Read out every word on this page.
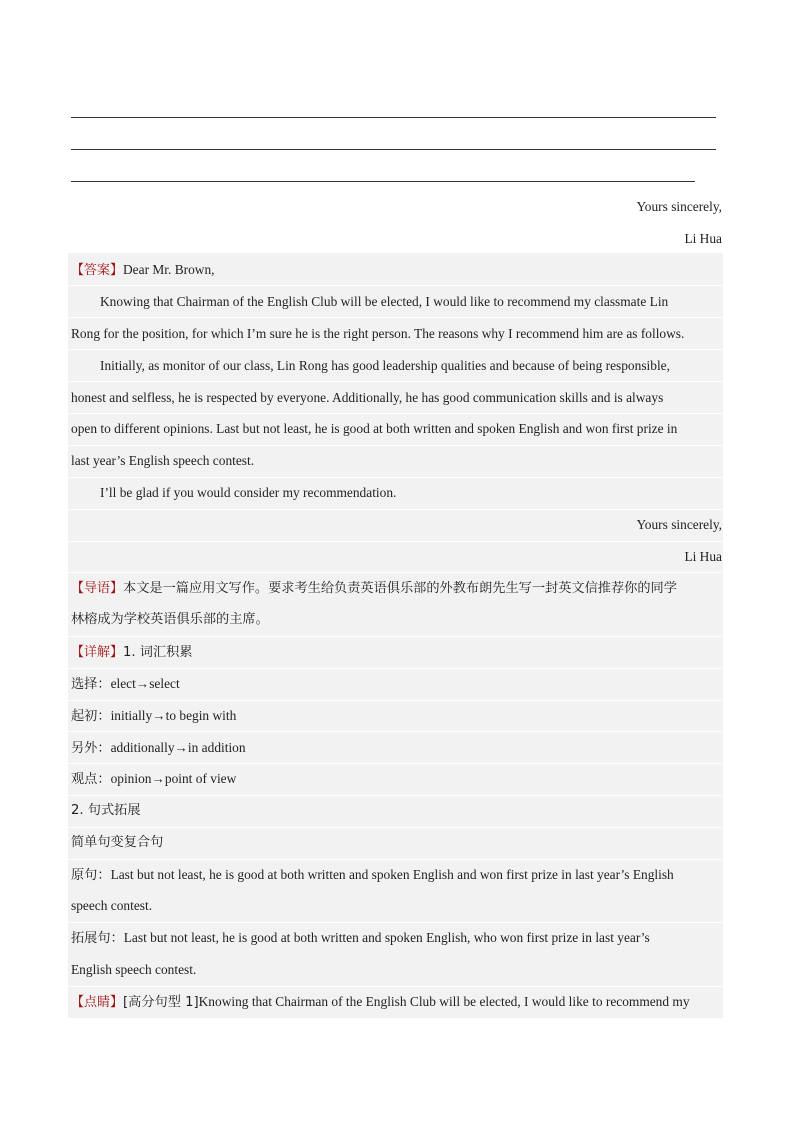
Yours sincerely,
Li Hua
【答案】Dear Mr. Brown,
Knowing that Chairman of the English Club will be elected, I would like to recommend my classmate Lin
Rong for the position, for which I’m sure he is the right person. The reasons why I recommend him are as follows.
Initially, as monitor of our class, Lin Rong has good leadership qualities and because of being responsible,
honest and selfless, he is respected by everyone. Additionally, he has good communication skills and is always
open to different opinions. Last but not least, he is good at both written and spoken English and won first prize in
last year’s English speech contest.
I’ll be glad if you would consider my recommendation.
Yours sincerely,
Li Hua
【导语】本文是一篇应用文写作。要求考生给负责英语俱乐部的外教布朗先生写一封英文信推荐你的同学
林榕成为学校英语俱乐部的主席。
【详解】1. 词汇积累
选择：elect→select
起初：initially→to begin with
另外：additionally→in addition
观点：opinion→point of view
2. 句式拓展
简单句变复合句
原句：Last but not least, he is good at both written and spoken English and won first prize in last year’s English
speech contest.
拓展句：Last but not least, he is good at both written and spoken English, who won first prize in last year’s
English speech contest.
【点睛】[高分句型 1]Knowing that Chairman of the English Club will be elected, I would like to recommend my
